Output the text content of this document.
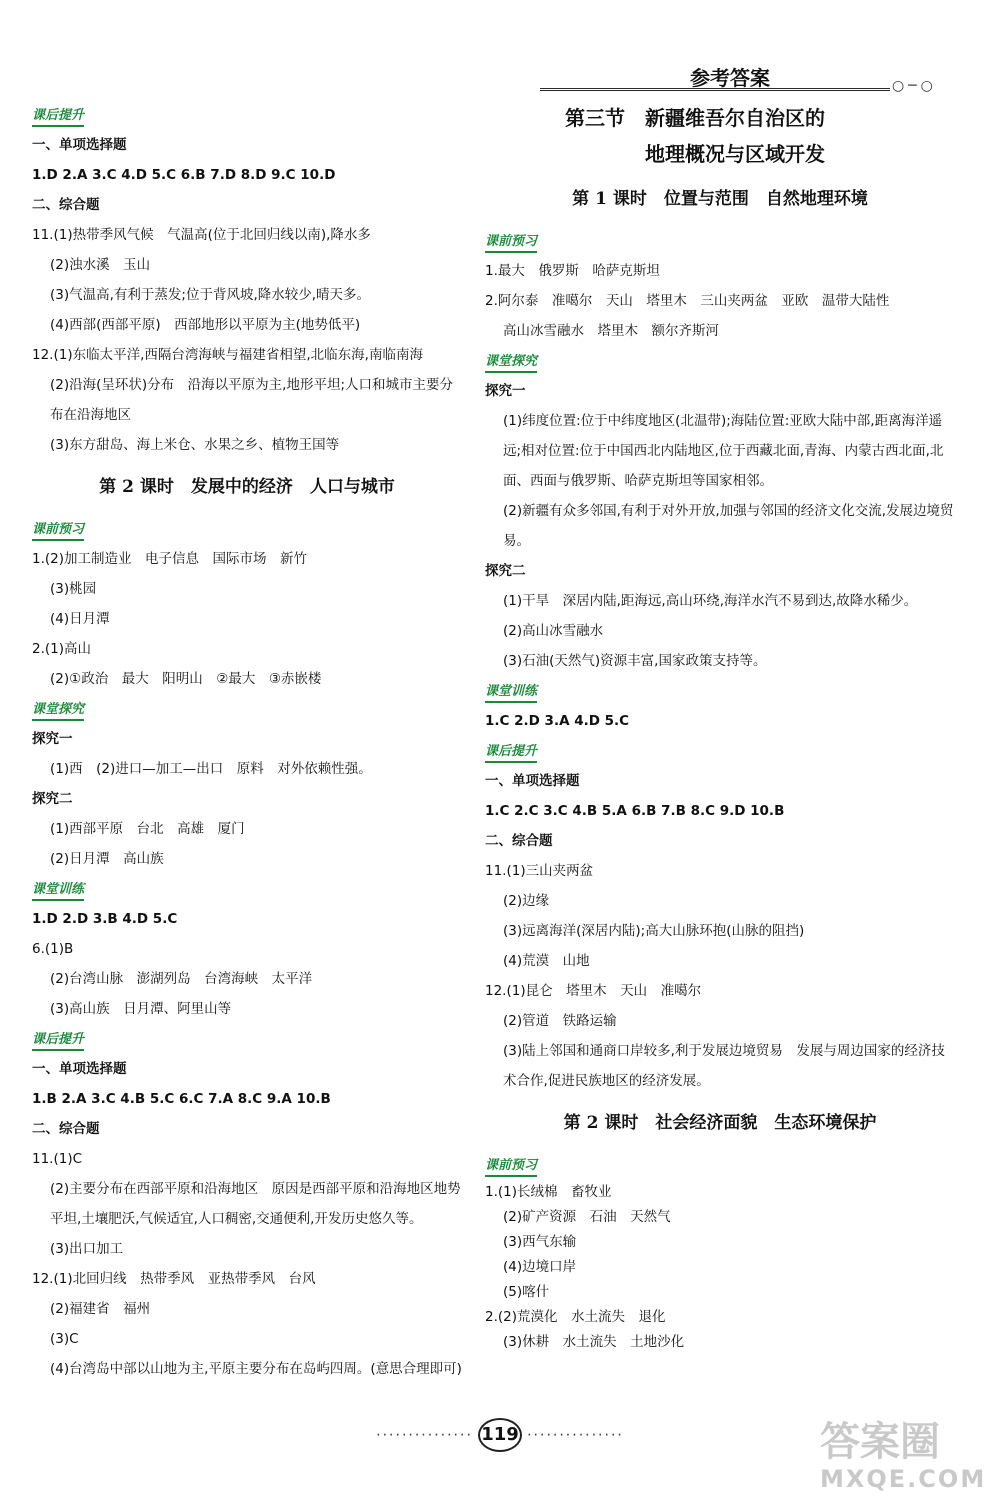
参考答案	○─○
课后提升
一、单项选择题
1.D 2.A 3.C 4.D 5.C 6.B 7.D 8.D 9.C 10.D
二、综合题
11.(1)热带季风气候　气温高(位于北回归线以南),降水多
(2)浊水溪　玉山
(3)气温高,有利于蒸发;位于背风坡,降水较少,晴天多。
(4)西部(西部平原)　西部地形以平原为主(地势低平)
12.(1)东临太平洋,西隔台湾海峡与福建省相望,北临东海,南临南海
(2)沿海(呈环状)分布　沿海以平原为主,地形平坦;人口和城市主要分布在沿海地区
(3)东方甜岛、海上米仓、水果之乡、植物王国等
第 2 课时　发展中的经济　人口与城市
课前预习
1.(2)加工制造业　电子信息　国际市场　新竹
(3)桃园
(4)日月潭
2.(1)高山
(2)①政治　最大　阳明山　②最大　③赤嵌楼
课堂探究
探究一
(1)西　(2)进口—加工—出口　原料　对外依赖性强。
探究二
(1)西部平原　台北　高雄　厦门
(2)日月潭　高山族
课堂训练
1.D 2.D 3.B 4.D 5.C
6.(1)B
(2)台湾山脉　澎湖列岛　台湾海峡　太平洋
(3)高山族　日月潭、阿里山等
课后提升
一、单项选择题
1.B 2.A 3.C 4.B 5.C 6.C 7.A 8.C 9.A 10.B
二、综合题
11.(1)C
(2)主要分布在西部平原和沿海地区　原因是西部平原和沿海地区地势平坦,土壤肥沃,气候适宜,人口稠密,交通便利,开发历史悠久等。
(3)出口加工
12.(1)北回归线　热带季风　亚热带季风　台风
(2)福建省　福州
(3)C
(4)台湾岛中部以山地为主,平原主要分布在岛屿四周。(意思合理即可)
第三节　新疆维吾尔自治区的
地理概况与区域开发
第 1 课时　位置与范围　自然地理环境
课前预习
1.最大　俄罗斯　哈萨克斯坦
2.阿尔泰　准噶尔　天山　塔里木　三山夹两盆　亚欧　温带大陆性
高山冰雪融水　塔里木　额尔齐斯河
课堂探究
探究一
(1)纬度位置:位于中纬度地区(北温带);海陆位置:亚欧大陆中部,距离海洋遥远;相对位置:位于中国西北内陆地区,位于西藏北面,青海、内蒙古西北面,北面、西面与俄罗斯、哈萨克斯坦等国家相邻。
(2)新疆有众多邻国,有利于对外开放,加强与邻国的经济文化交流,发展边境贸易。
探究二
(1)干旱　深居内陆,距海远,高山环绕,海洋水汽不易到达,故降水稀少。
(2)高山冰雪融水
(3)石油(天然气)资源丰富,国家政策支持等。
课堂训练
1.C 2.D 3.A 4.D 5.C
课后提升
一、单项选择题
1.C 2.C 3.C 4.B 5.A 6.B 7.B 8.C 9.D 10.B
二、综合题
11.(1)三山夹两盆
(2)边缘
(3)远离海洋(深居内陆);高大山脉环抱(山脉的阻挡)
(4)荒漠　山地
12.(1)昆仑　塔里木　天山　准噶尔
(2)管道　铁路运输
(3)陆上邻国和通商口岸较多,利于发展边境贸易　发展与周边国家的经济技术合作,促进民族地区的经济发展。
第 2 课时　社会经济面貌　生态环境保护
课前预习
1.(1)长绒棉　畜牧业
(2)矿产资源　石油　天然气
(3)西气东输
(4)边境口岸
(5)喀什
2.(2)荒漠化　水土流失　退化
(3)休耕　水土流失　土地沙化
··············· 119 ···············	答案圈
MXQE.COM
